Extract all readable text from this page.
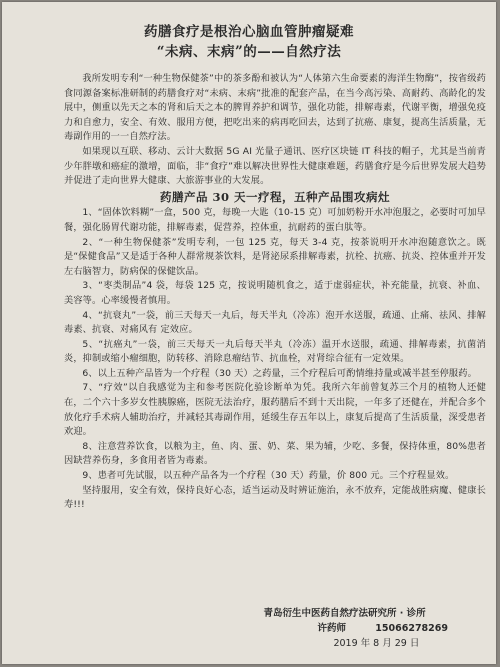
药膳食疗是根治心脑血管肿瘤疑难
“未病、末病”的——自然疗法

我所发明专利“一种生物保健茶”中的茶多酚和被认为“人体第六生命要素的海洋生物酶”，按省级药食同源备案标准研制的药膳食疗对“未病、末病”批准的配套产品，在当今高污染、高耐药、高龄化的发展中，侧重以先天之本的肾和后天之本的脾胃养护和调节，强化功能，排解毒素，代谢平衡，增强免疫力和自愈力，安全、有效、服用方便，把吃出来的病再吃回去，达到了抗癌、康复，提高生活质量，无毒副作用的一一自然疗法。

如果现以互联、移动、云计大数据 5G AI 光量子通讯、医疗区块链 IT 科技的帽子，尤其是当前青少年胖墩和癌症的激增，面临，非“食疗”难以解决世界性大健康难题，药膳食疗是今后世界发展大趋势并促进了走向世界大健康、大旅游事业的大发展。

药膳产品 30 天一疗程，五种产品围攻病灶

1、“固体饮料糊”一盒，500 克，每晚一大匙（10-15 克）可加奶粉开水冲泡服之，必要时可加早餐，强化肠胃代谢功能，排解毒素，促营养，控体重，抗耐药的蛋白肽等。

2、“一种生物保健茶”发明专利，一包 125 克，每天 3-4 克，按茶说明开水冲泡随意饮之。既是“保健食品”又是适于各种人群常规茶饮料，是肾泌尿系排解毒素，抗栓、抗癌、抗炎、控体重并开发左右脑智力，防病保的保健饮品。

3、“枣类制品”4 袋，每袋 125 克，按说明随机食之，适于虚弱症状，补充能量，抗衰、补血、美容等。心率缓慢者慎用。

4、“抗衰丸”一袋，前三天每天一丸后，每天半丸（冷冻）泡开水送服，疏通、止痛、祛风、排解毒素、抗衰、对痛风有 定效应。

5、“抗癌丸”一袋，前三天每天一丸后每天半丸（冷冻）温开水送服，疏通、排解毒素，抗菌消炎，抑制或缩小瘤细胞，防转移、消除息瘤结节、抗血栓，对肾综合征有一定效果。

6、以上五种产品皆为一个疗程（30 天）之药量，三个疗程后可酌情维持量或减半甚至停服药。

7、“疗效”以自我感觉为主和参考医院化验诊断单为凭。我所六年前曾复苏三个月的植物人还健在，二个六十多岁女性胰腺癌，医院无法治疗，服药膳后不到十天出院，一年多了还健在，并配合多个放化疗手术病人辅助治疗，并减轻其毒副作用，延缓生存五年以上，康复后提高了生活质量，深受患者欢迎。

8、注意营养饮食，以粮为主，鱼、肉、蛋、奶、菜、果为辅，少吃、多餐，保持体重，80%患者因缺营养伤身，多食用者皆为毒素。

9、患者可先试服，以五种产品各为一个疗程（30 天）药量，价 800 元。三个疗程显效。

坚持服用，安全有效，保持良好心态，适当运动及时辨证施治，永不放弃，定能战胜病魔、健康长寿!!!

青岛衍生中医药自然疗法研究所 · 诊所
许药师	15066278269
2019 年 8 月 29 日
